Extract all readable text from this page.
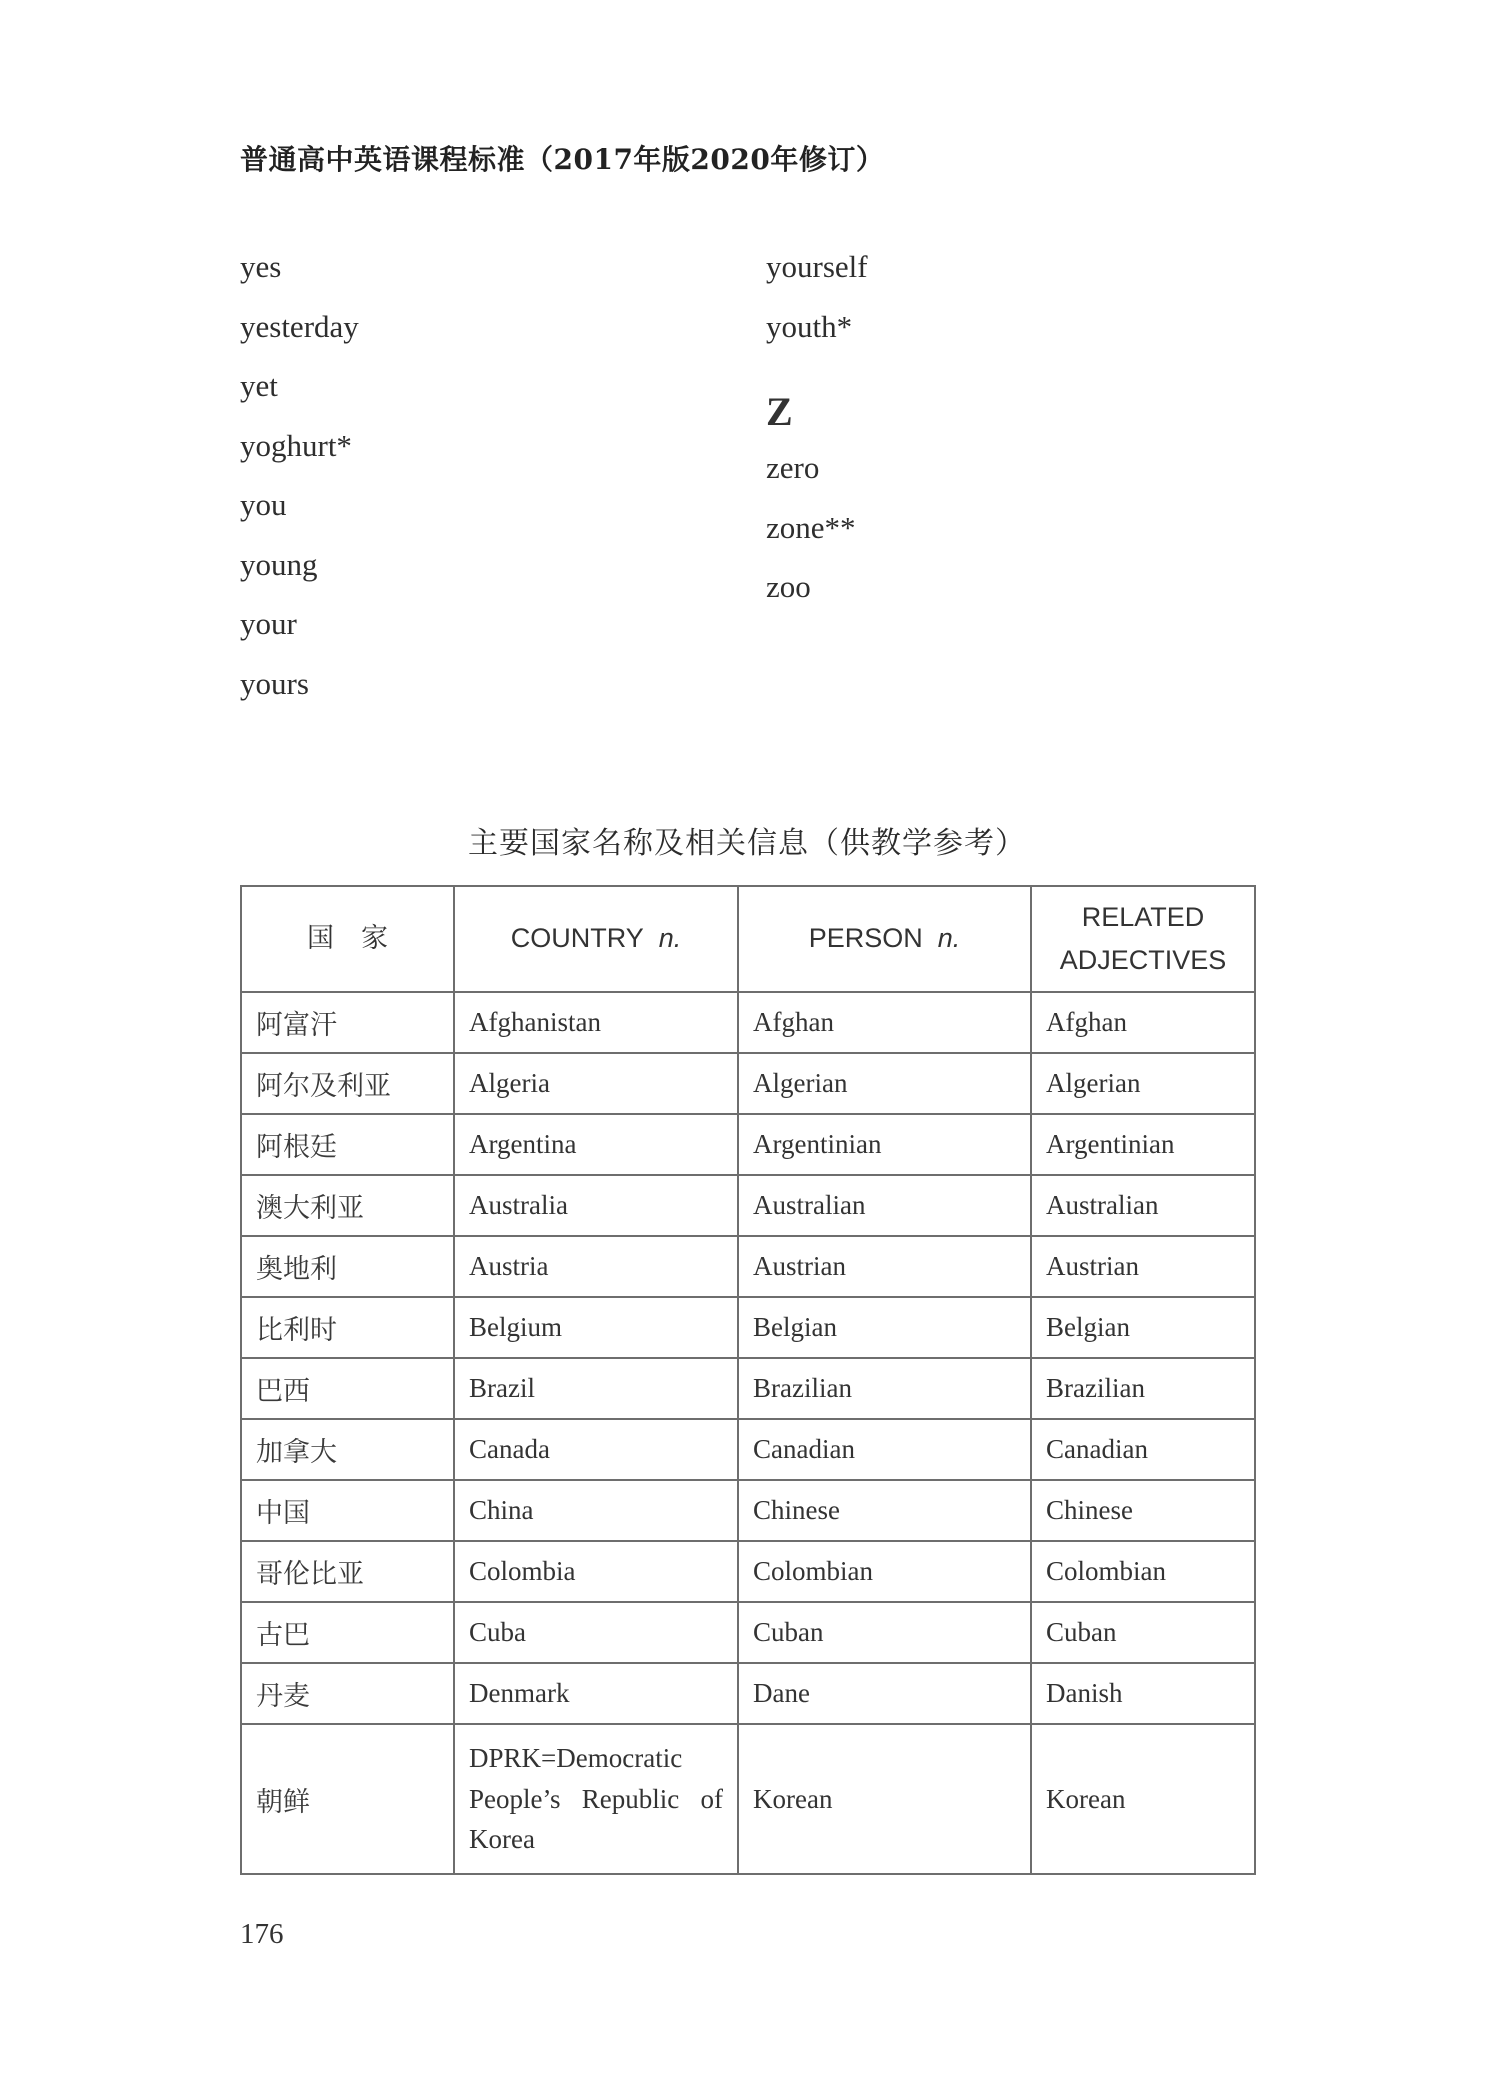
普通高中英语课程标准（2017年版2020年修订）
yes
yesterday
yet
yoghurt*
you
young
your
yours
yourself
youth*
Z
zero
zone**
zoo
主要国家名称及相关信息（供教学参考）
国　家	COUNTRY n.	PERSON n.	RELATED
ADJECTIVES
阿富汗	Afghanistan	Afghan	Afghan
阿尔及利亚	Algeria	Algerian	Algerian
阿根廷	Argentina	Argentinian	Argentinian
澳大利亚	Australia	Australian	Australian
奥地利	Austria	Austrian	Austrian
比利时	Belgium	Belgian	Belgian
巴西	Brazil	Brazilian	Brazilian
加拿大	Canada	Canadian	Canadian
中国	China	Chinese	Chinese
哥伦比亚	Colombia	Colombian	Colombian
古巴	Cuba	Cuban	Cuban
丹麦	Denmark	Dane	Danish
朝鲜	DPRK=Democratic People’s Republic of Korea	Korean	Korean
176
